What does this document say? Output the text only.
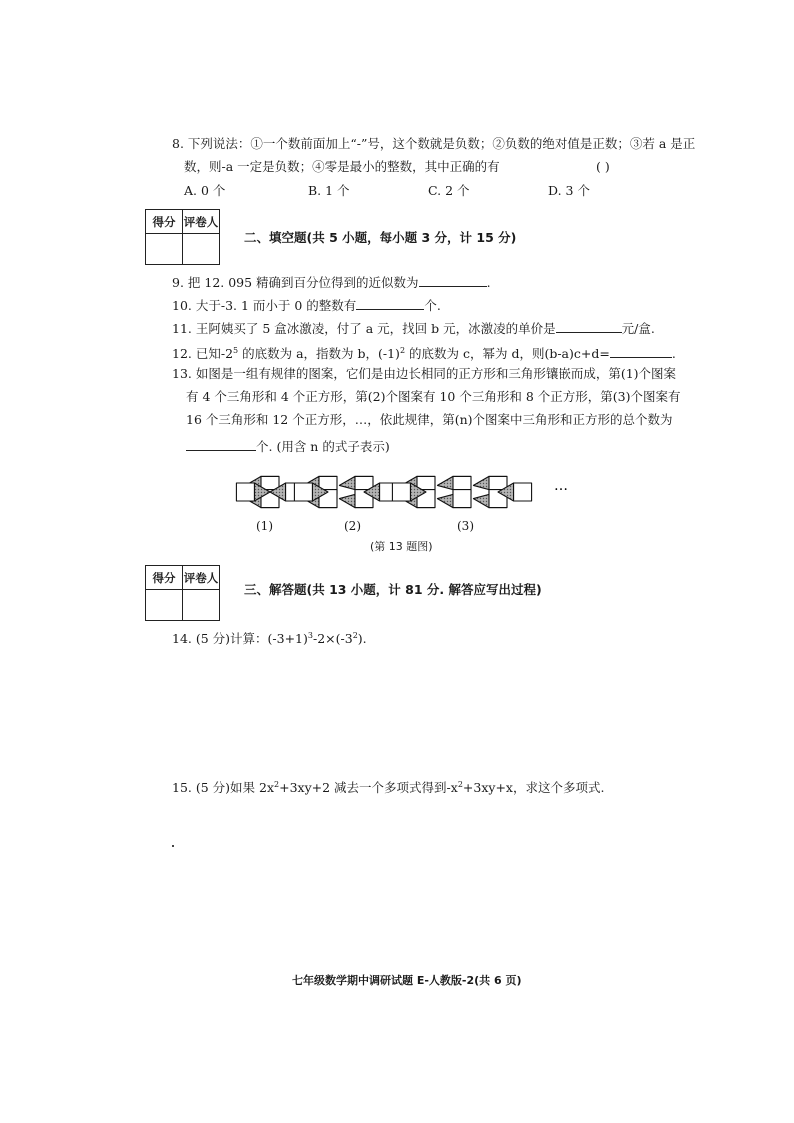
8. 下列说法：①一个数前面加上“-”号，这个数就是负数；②负数的绝对值是正数；③若 a 是正
数，则-a 一定是负数；④零是最小的整数，其中正确的有	( )
A. 0 个	B. 1 个	C. 2 个	D. 3 个
得分	评卷人

二、填空题(共 5 小题，每小题 3 分，计 15 分)
9. 把 12. 095 精确到百分位得到的近似数为	.
10. 大于-3. 1 而小于 0 的整数有	个.
11. 王阿姨买了 5 盒冰激凌，付了 a 元，找回 b 元，冰激凌的单价是	元/盒.
12. 已知$-2^5$ 的底数为 a，指数为 b，$(-1)^2$ 的底数为 c，幂为 d，则(b-a)c+d=	.
13. 如图是一组有规律的图案，它们是由边长相同的正方形和三角形镶嵌而成，第(1)个图案
有 4 个三角形和 4 个正方形，第(2)个图案有 10 个三角形和 8 个正方形，第(3)个图案有
16 个三角形和 12 个正方形，…，依此规律，第(n)个图案中三角形和正方形的总个数为
个. (用含 n 的式子表示)
…
(1)	(2)	(3)
(第 13 题图)
得分	评卷人

三、解答题(共 13 小题，计 81 分. 解答应写出过程)
14. (5 分)计算：$(-3+1)^3-2\times(-3^2)$.
15. (5 分)如果 $2x^2+3xy+2$ 减去一个多项式得到$-x^2+3xy+x$，求这个多项式.
七年级数学期中调研试题 E-人教版-2(共 6 页)
